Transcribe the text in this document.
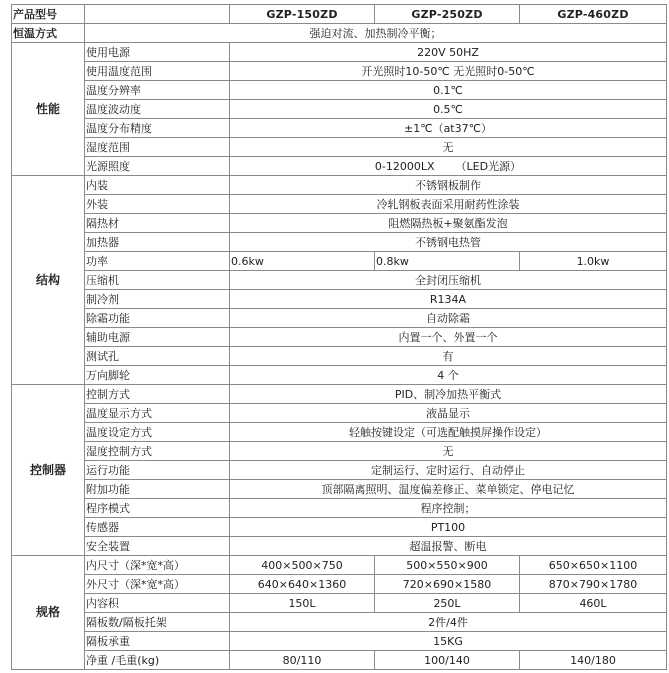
产品型号		GZP-150ZD	GZP-250ZD	GZP-460ZD
恒温方式	强迫对流、加热制冷平衡；			
性能	使用电源	220V 50HZ		
	使用温度范围	开光照时10-50℃ 无光照时0-50℃		
	温度分辨率	0.1℃		
	温度波动度	0.5℃		
	温度分布精度	±1℃（at37℃）		
	湿度范围	无		
	光源照度	0-12000LX      （LED光源）		
结构	内装	不锈钢板制作		
	外装	冷轧钢板表面采用耐药性涂装		
	隔热材	阻燃隔热板+聚氨酯发泡		
	加热器	不锈钢电热管		
	功率	0.6kw	0.8kw	1.0kw
	压缩机	全封闭压缩机		
	制冷剂	R134A		
	除霜功能	自动除霜		
	辅助电源	内置一个、外置一个		
	测试孔	有		
	万向脚轮	4 个		
控制器	控制方式	PID、制冷加热平衡式		
	温度显示方式	液晶显示		
	温度设定方式	轻触按键设定（可选配触摸屏操作设定）		
	湿度控制方式	无		
	运行功能	定制运行、定时运行、自动停止		
	附加功能	顶部隔离照明、温度偏差修正、菜单锁定、停电记忆		
	程序模式	程序控制；		
	传感器	PT100		
	安全装置	超温报警、断电		
规格	内尺寸（深*宽*高）	400×500×750	500×550×900	650×650×1100
	外尺寸（深*宽*高）	640×640×1360	720×690×1580	870×790×1780
	内容积	150L	250L	460L
	隔板数/隔板托架	2件/4件		
	隔板承重	15KG		
	净重 /毛重(kg)	80/110	100/140	140/180
